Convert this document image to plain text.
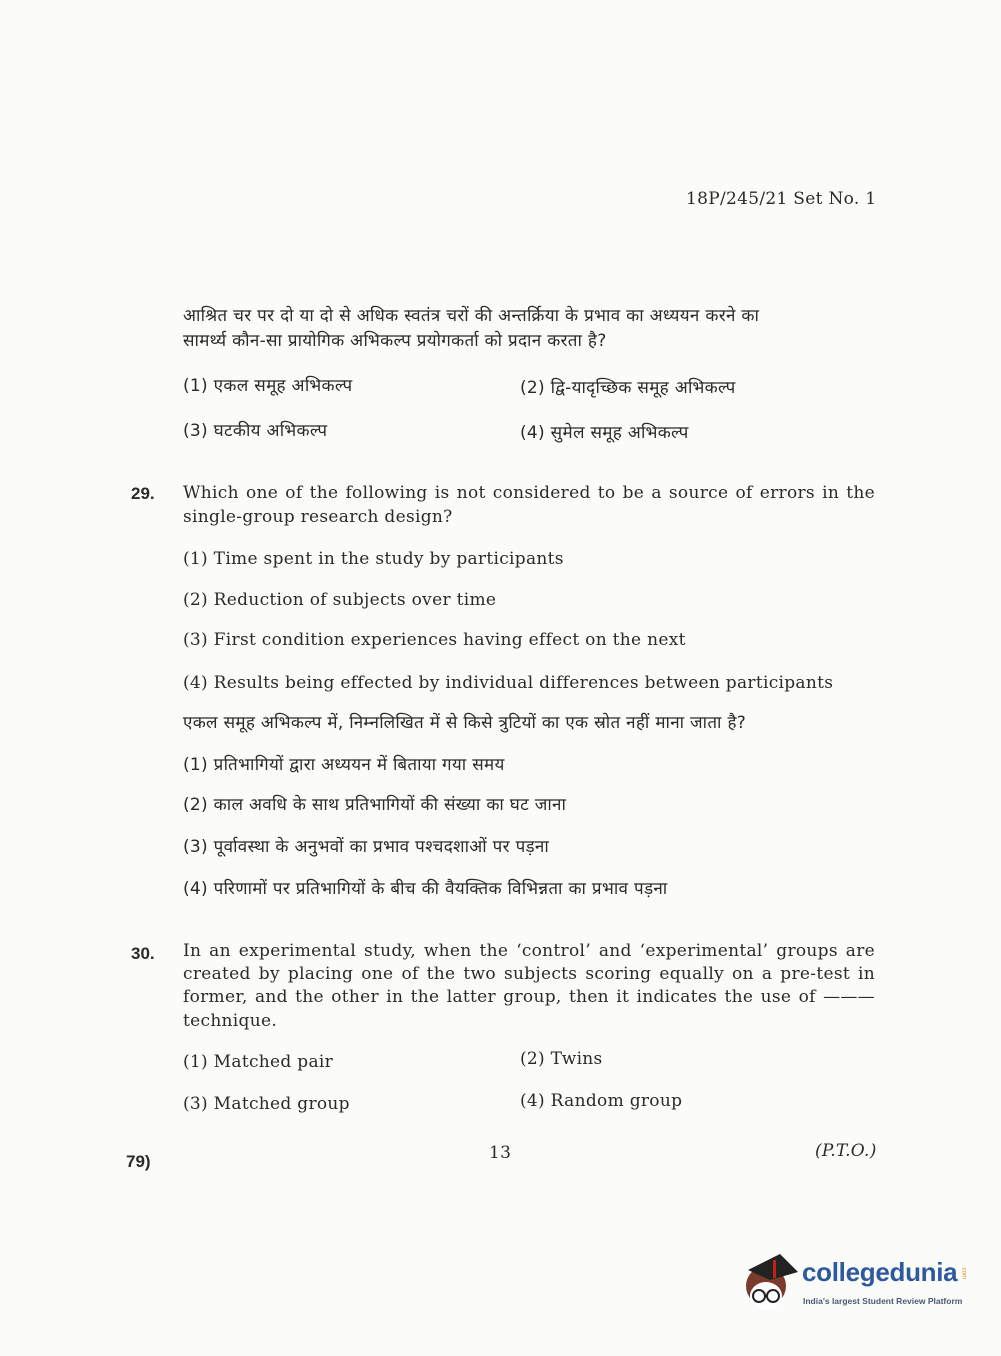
18P/245/21 Set No. 1
आश्रित चर पर दो या दो से अधिक स्वतंत्र चरों की अन्तर्क्रिया के प्रभाव का अध्ययन करने का
सामर्थ्य कौन-सा प्रायोगिक अभिकल्प प्रयोगकर्ता को प्रदान करता है?
(1) एकल समूह अभिकल्प	(2) द्वि-यादृच्छिक समूह अभिकल्प
(3) घटकीय अभिकल्प	(4) सुमेल समूह अभिकल्प
29. Which one of the following is not considered to be a source of errors in the
single-group research design?
(1) Time spent in the study by participants
(2) Reduction of subjects over time
(3) First condition experiences having effect on the next
(4) Results being effected by individual differences between participants
एकल समूह अभिकल्प में, निम्नलिखित में से किसे त्रुटियों का एक स्रोत नहीं माना जाता है?
(1) प्रतिभागियों द्वारा अध्ययन में बिताया गया समय
(2) काल अवधि के साथ प्रतिभागियों की संख्या का घट जाना
(3) पूर्वावस्था के अनुभवों का प्रभाव पश्चदशाओं पर पड़ना
(4) परिणामों पर प्रतिभागियों के बीच की वैयक्तिक विभिन्नता का प्रभाव पड़ना
30. In an experimental study, when the ‘control’ and ‘experimental’ groups are
created by placing one of the two subjects scoring equally on a pre-test in
former, and the other in the latter group, then it indicates the use of ———
technique.
(1) Matched pair	(2) Twins
(3) Matched group	(4) Random group
79)	13	(P.T.O.)
collegedunia .com
India's largest Student Review Platform
